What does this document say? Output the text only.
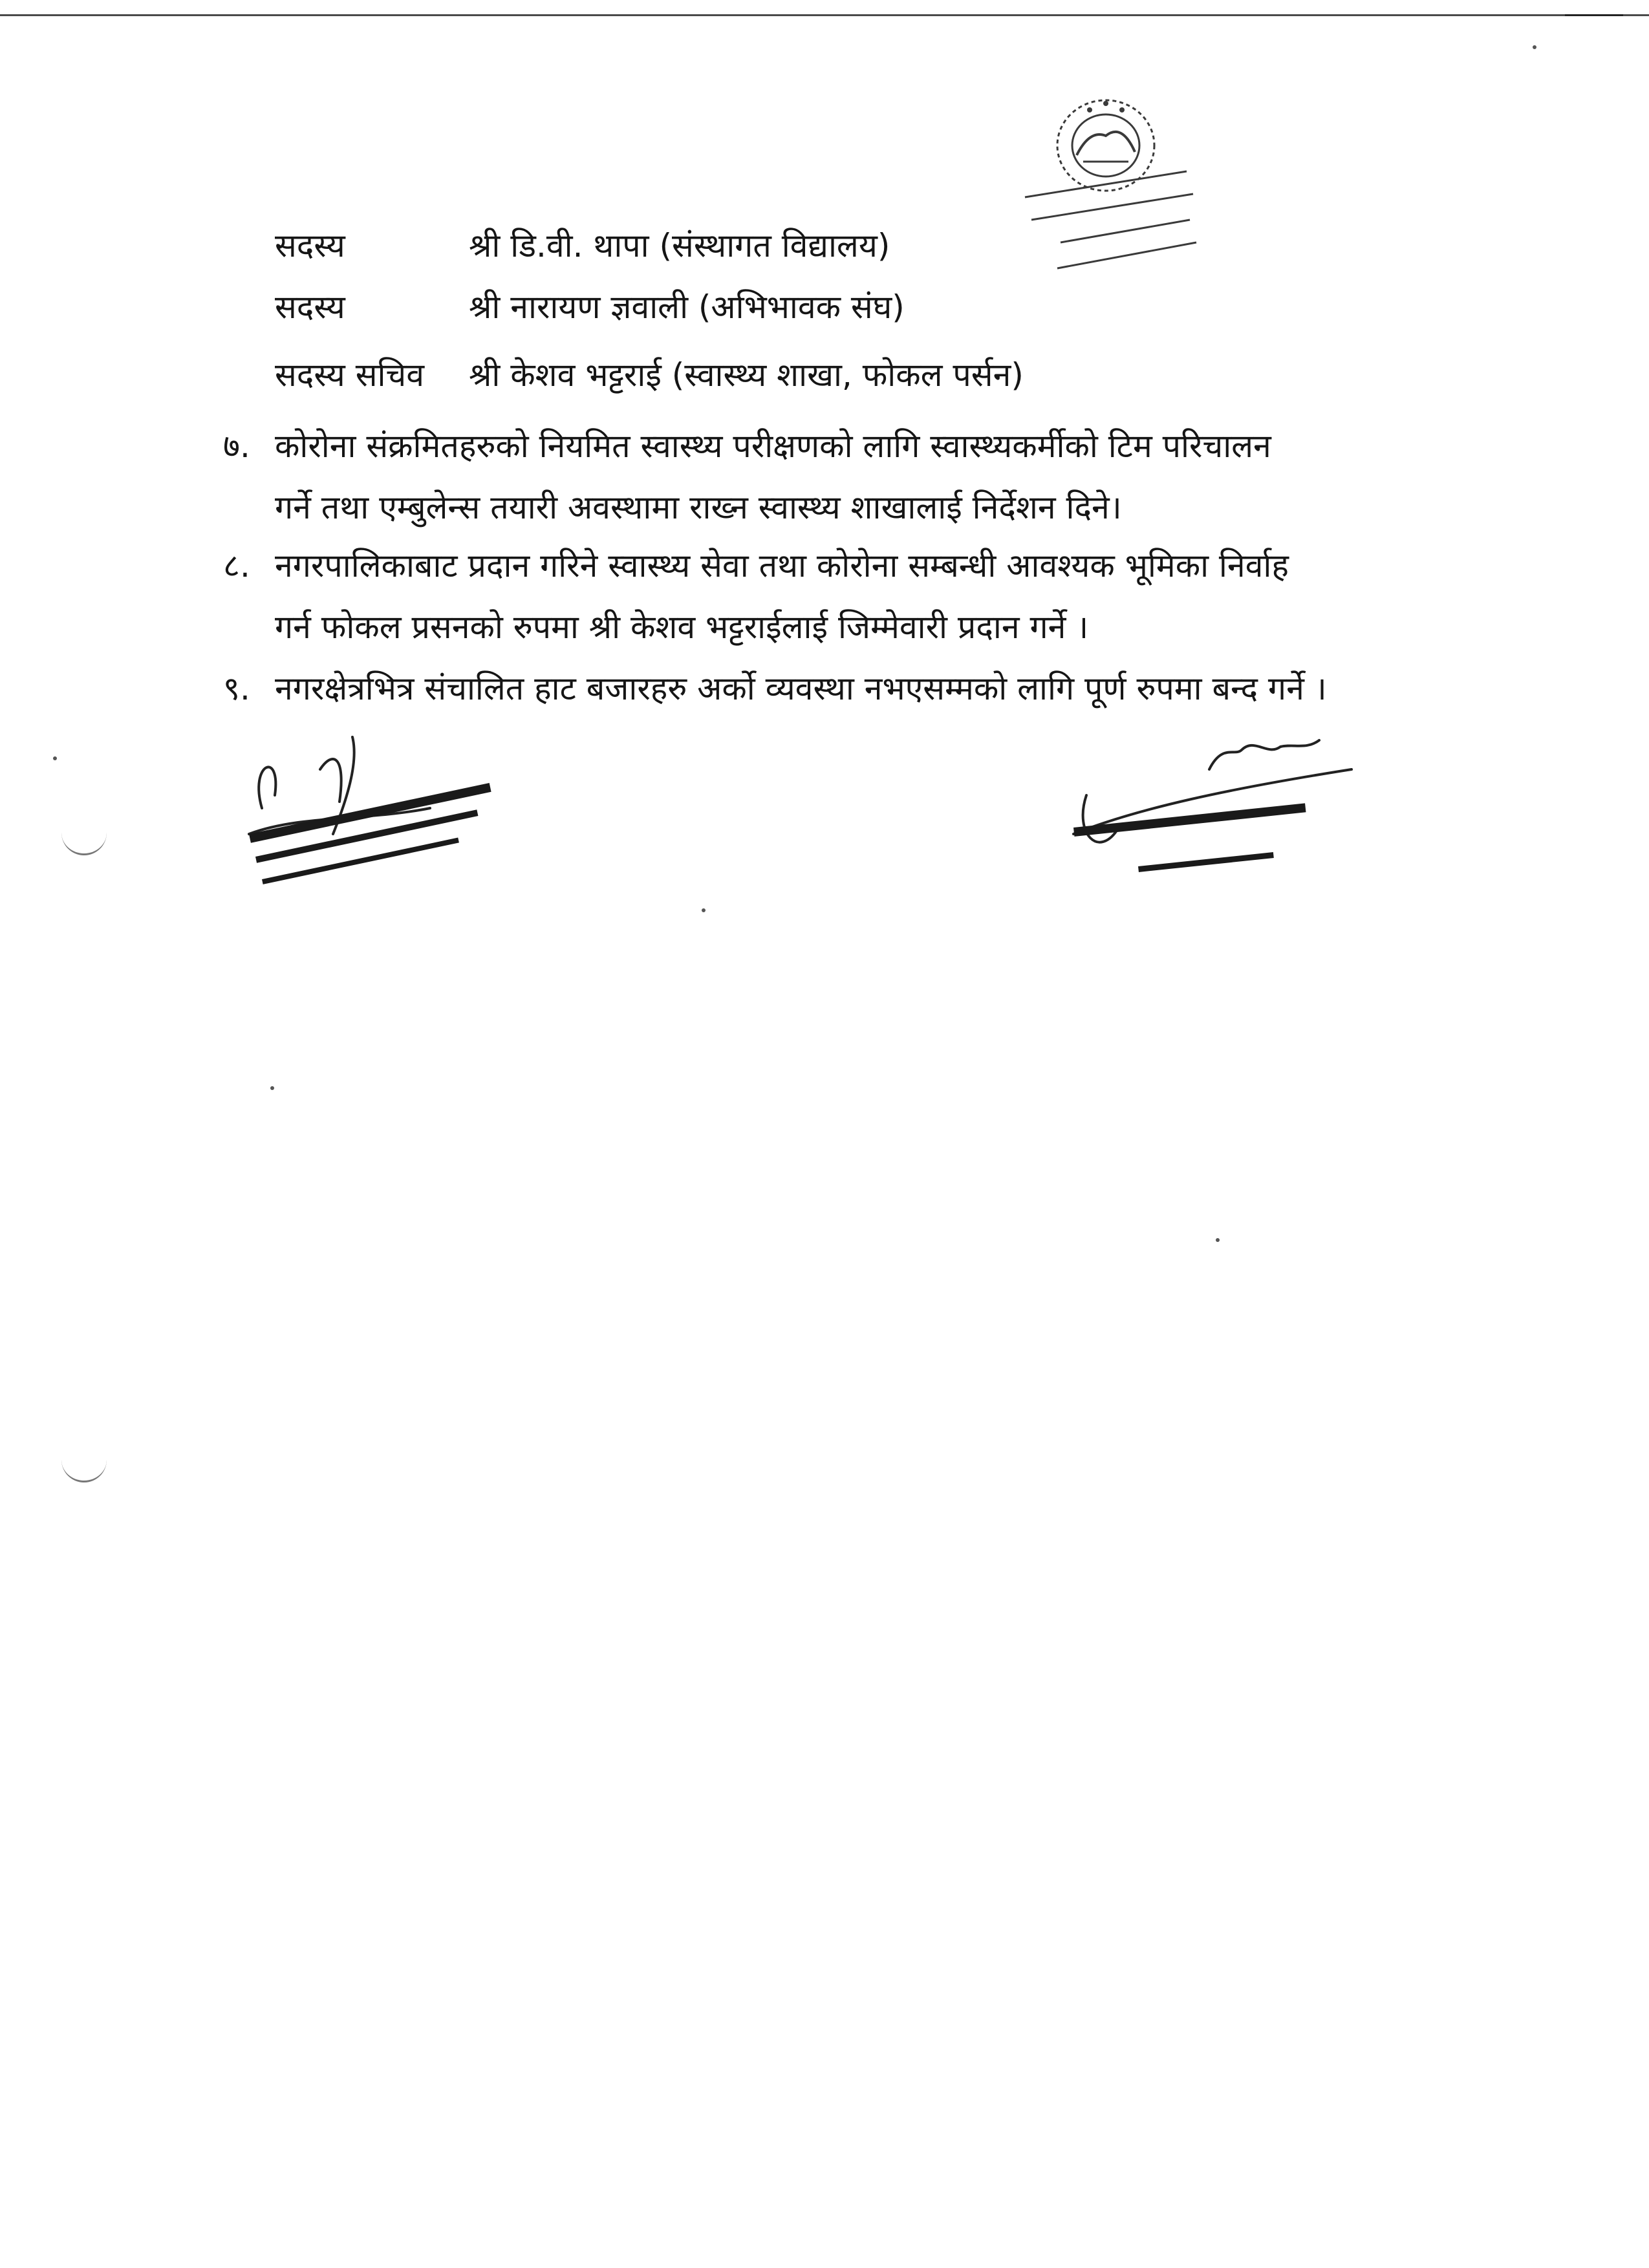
सदस्य	श्री डि.वी. थापा (संस्थागत विद्यालय)
सदस्य	श्री नारायण ज्ञवाली (अभिभावक संघ)
सदस्य सचिव श्री केशव भट्टराई (स्वास्थ्य शाखा, फोकल पर्सन)
७. कोरोना संक्रमितहरुको नियमित स्वास्थ्य परीक्षणको लागि स्वास्थ्यकर्मीको टिम परिचालन
गर्ने तथा एम्बुलेन्स तयारी अवस्थामा राख्न स्वास्थ्य शाखालाई निर्देशन दिने।
८. नगरपालिकाबाट प्रदान गरिने स्वास्थ्य सेवा तथा कोरोना सम्बन्धी आवश्यक भूमिका निर्वाह
गर्न फोकल प्रसनको रुपमा श्री केशव भट्टराईलाई जिम्मेवारी प्रदान गर्ने ।
९. नगरक्षेत्रभित्र संचालित हाट बजारहरु अर्को व्यवस्था नभएसम्मको लागि पूर्ण रुपमा बन्द गर्ने ।
